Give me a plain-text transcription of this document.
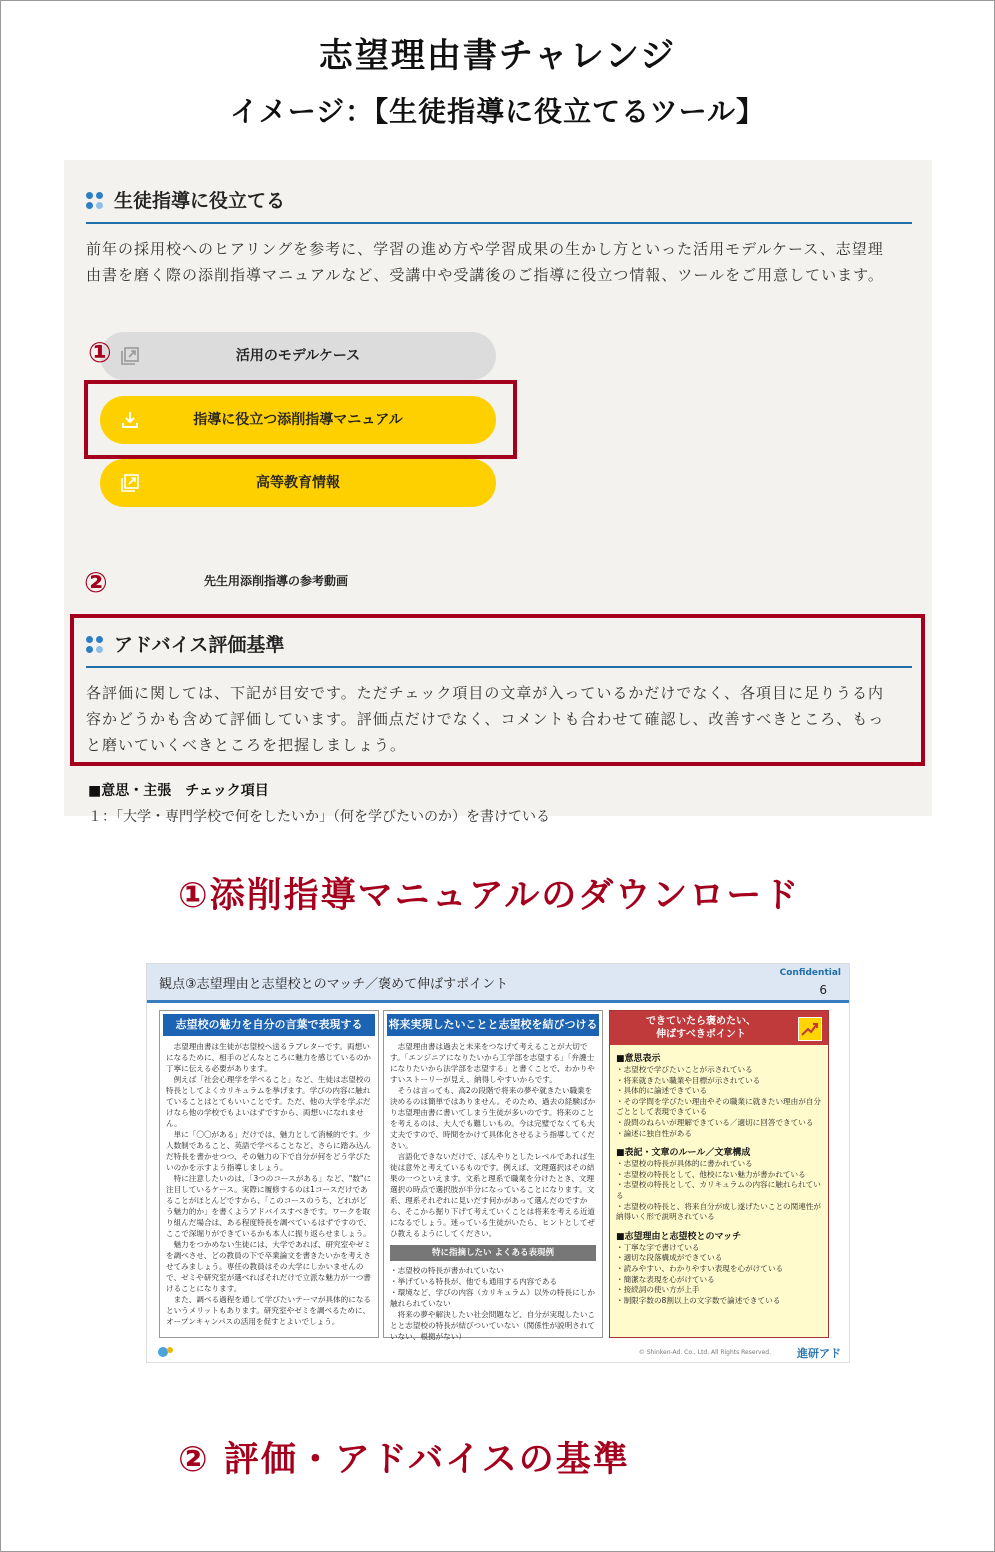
志望理由書チャレンジ
イメージ：【生徒指導に役立てるツール】
生徒指導に役立てる
前年の採用校へのヒアリングを参考に、学習の進め方や学習成果の生かし方といった活用モデルケース、志望理
由書を磨く際の添削指導マニュアルなど、受講中や受講後のご指導に役立つ情報、ツールをご用意しています。
活用のモデルケース
指導に役立つ添削指導マニュアル
高等教育情報
先生用添削指導の参考動画
アドバイス評価基準
各評価に関しては、下記が目安です。ただチェック項目の文章が入っているかだけでなく、各項目に足りうる内
容かどうかも含めて評価しています。評価点だけでなく、コメントも合わせて確認し、改善すべきところ、もっ
と磨いていくべきところを把握しましょう。
■意思・主張　チェック項目
１：「大学・専門学校で何をしたいか」（何を学びたいのか）を書けている
①
②
①添削指導マニュアルのダウンロード
観点③志望理由と志望校とのマッチ／褒めて伸ばすポイント
Confidential
6
志望校の魅力を自分の言葉で表現する
　志望理由書は生徒が志望校へ送るラブレターです。両想いになるために、相手のどんなところに魅力を感じているのか丁寧に伝える必要があります。
　例えば「社会心理学を学べること」など、生徒は志望校の特長としてよくカリキュラムを挙げます。学びの内容に触れていることはとてもいいことです。ただ、他の大学を学ぶだけなら他の学校でもよいはずですから、両想いになれません。
　単に「〇〇がある」だけでは、魅力として消極的です。少人数制であること、英語で学べることなど、さらに踏み込んだ特長を書かせつつ、その魅力の下で自分が何をどう学びたいのかを示すよう指導しましょう。
　特に注意したいのは、「3つのコースがある」など、"数"に注目しているケース。実際に履修するのは1コースだけであることがほとんどですから、「このコースのうち、どれがどう魅力的か」を書くようアドバイスすべきです。ワークを取り組んだ場合は、ある程度特長を調べているはずですので、ここで深堀りができているかも本人に振り返らせましょう。
　魅力をつかめない生徒には、大学であれば、研究室やゼミを調べさせ、どの教員の下で卒業論文を書きたいかを考えさせてみましょう。専任の教員はその大学にしかいませんので、ゼミや研究室が選べればそれだけで立派な魅力が一つ書けることになります。
　また、調べる過程を通して学びたいテーマが具体的になるというメリットもあります。研究室やゼミを調べるために、オープンキャンパスの活用を促すとよいでしょう。
将来実現したいことと志望校を結びつける
　志望理由書は過去と未来をつなげて考えることが大切です。「エンジニアになりたいから工学部を志望する」「弁護士になりたいから法学部を志望する」と書くことで、わかりやすいストーリーが見え、納得しやすいからです。
　そうは言っても、高2の段階で将来の夢や就きたい職業を決めるのは簡単ではありません。そのため、過去の経験ばかり志望理由書に書いてしまう生徒が多いのです。将来のことを考えるのは、大人でも難しいもの。今は完璧でなくても大丈夫ですので、時間をかけて具体化させるよう指導してください。
　言語化できないだけで、ぼんやりとしたレベルであれば生徒は意外と考えているものです。例えば、文理選択はその結果の一つといえます。文系と理系で職業を分けたとき、文理選択の時点で選択肢が半分になっていることになります。文系、理系それぞれに見いだす何かがあって選んだのですから、そこから掘り下げて考えていくことは将来を考える近道になるでしょう。迷っている生徒がいたら、ヒントとしてぜひ教えるようにしてください。
特に指摘したい よくある表現例
・志望校の特長が書かれていない
・挙げている特長が、他でも通用する内容である
・環境など、学びの内容（カリキュラム）以外の特長にしか触れられていない
　将来の夢や解決したい社会問題など、自分が実現したいことと志望校の特長が結びついていない（関係性が説明されていない、根拠がない）
できていたら褒めたい、
伸ばすべきポイント
■意思表示
・志望校で学びたいことが示されている
・将来就きたい職業や目標が示されている
・具体的に論述できている
・その学問を学びたい理由やその職業に就きたい理由が自分ごととして表現できている
・設問のねらいが理解できている／適切に回答できている
・論述に独自性がある
■表記・文章のルール／文章構成
・志望校の特長が具体的に書かれている
・志望校の特長として、他校にない魅力が書かれている
・志望校の特長として、カリキュラムの内容に触れられている
・志望校の特長と、将来自分が成し遂げたいことの関連性が納得いく形で説明されている
■志望理由と志望校とのマッチ
・丁寧な字で書けている
・適切な段落構成ができている
・読みやすい、わかりやすい表現を心がけている
・簡潔な表現を心がけている
・接続詞の使い方が上手
・制限字数の8割以上の文字数で論述できている
© Shinken-Ad. Co., Ltd. All Rights Reserved. 進研アド
② 評価・アドバイスの基準
